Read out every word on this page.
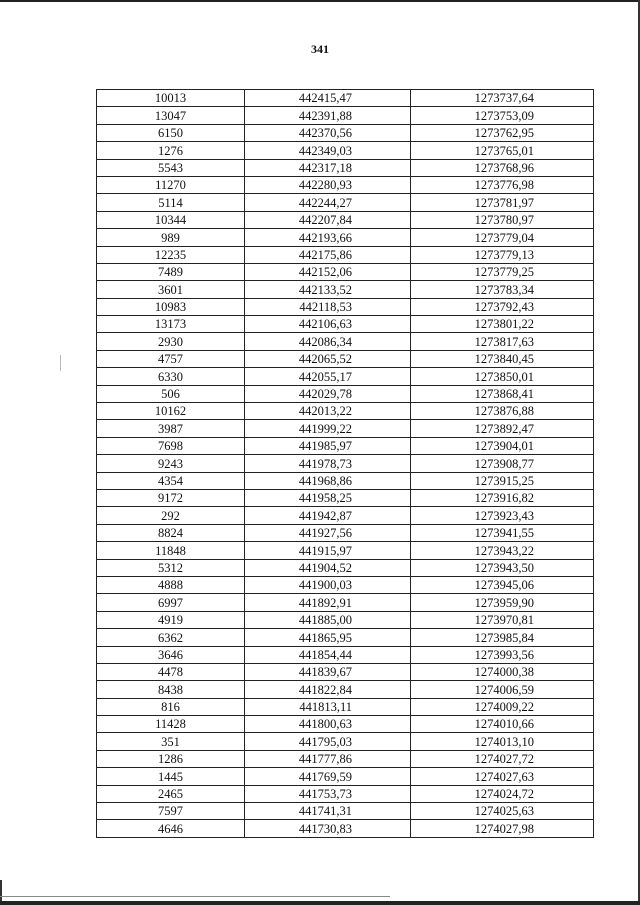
341
10013	442415,47	1273737,64
13047	442391,88	1273753,09
6150	442370,56	1273762,95
1276	442349,03	1273765,01
5543	442317,18	1273768,96
11270	442280,93	1273776,98
5114	442244,27	1273781,97
10344	442207,84	1273780,97
989	442193,66	1273779,04
12235	442175,86	1273779,13
7489	442152,06	1273779,25
3601	442133,52	1273783,34
10983	442118,53	1273792,43
13173	442106,63	1273801,22
2930	442086,34	1273817,63
4757	442065,52	1273840,45
6330	442055,17	1273850,01
506	442029,78	1273868,41
10162	442013,22	1273876,88
3987	441999,22	1273892,47
7698	441985,97	1273904,01
9243	441978,73	1273908,77
4354	441968,86	1273915,25
9172	441958,25	1273916,82
292	441942,87	1273923,43
8824	441927,56	1273941,55
11848	441915,97	1273943,22
5312	441904,52	1273943,50
4888	441900,03	1273945,06
6997	441892,91	1273959,90
4919	441885,00	1273970,81
6362	441865,95	1273985,84
3646	441854,44	1273993,56
4478	441839,67	1274000,38
8438	441822,84	1274006,59
816	441813,11	1274009,22
11428	441800,63	1274010,66
351	441795,03	1274013,10
1286	441777,86	1274027,72
1445	441769,59	1274027,63
2465	441753,73	1274024,72
7597	441741,31	1274025,63
4646	441730,83	1274027,98
